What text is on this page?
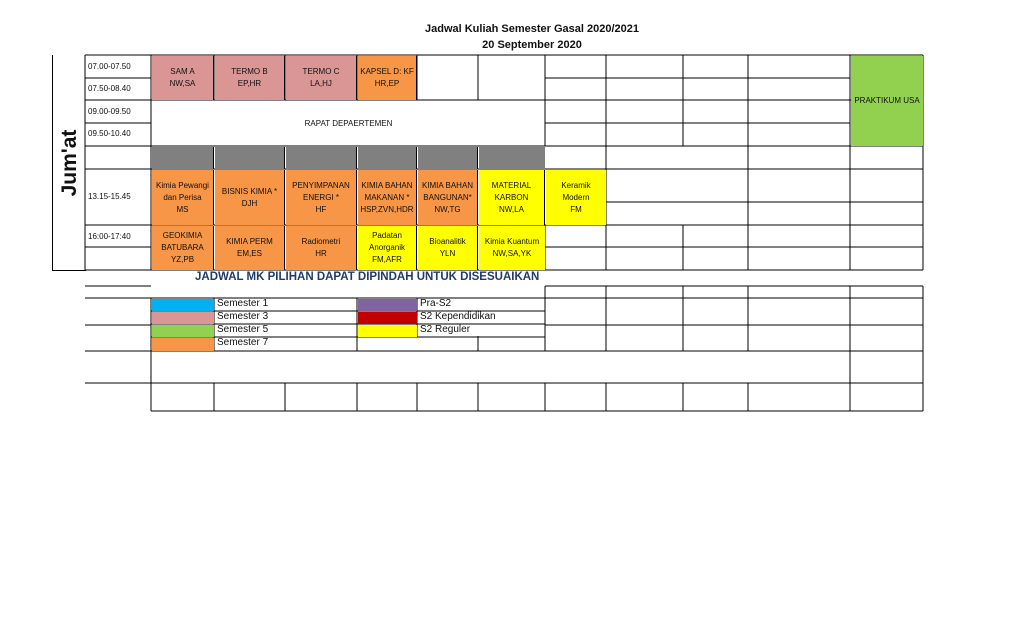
Jadwal Kuliah Semester Gasal 2020/2021
20 September 2020
Jum'at
07.00-07.50
07.50-08.40
09.00-09.50
09.50-10.40
13.15-15.45
16:00-17:40
SAM A
NW,SA
TERMO B
EP,HR
TERMO C
LA,HJ
KAPSEL D: KF
HR,EP
PRAKTIKUM USA
RAPAT DEPAERTEMEN
Kimia Pewangi
dan Perisa
MS
BISNIS KIMIA *
DJH
PENYIMPANAN
ENERGI *
HF
KIMIA BAHAN
MAKANAN *
HSP,ZVN,HDR
KIMIA BAHAN
BANGUNAN*
NW,TG
MATERIAL
KARBON
NW,LA
Keramik
Modern
FM
GEOKIMIA
BATUBARA
YZ,PB
KIMIA PERM
EM,ES
Radiometri
HR
Padatan
Anorganik
FM,AFR
Bioanalitik
YLN
Kimia Kuantum
NW,SA,YK
JADWAL MK PILIHAN DAPAT DIPINDAH UNTUK DISESUAIKAN
Semester 1
Semester 3
Semester 5
Semester 7
Pra-S2
S2 Kependidikan
S2 Reguler
